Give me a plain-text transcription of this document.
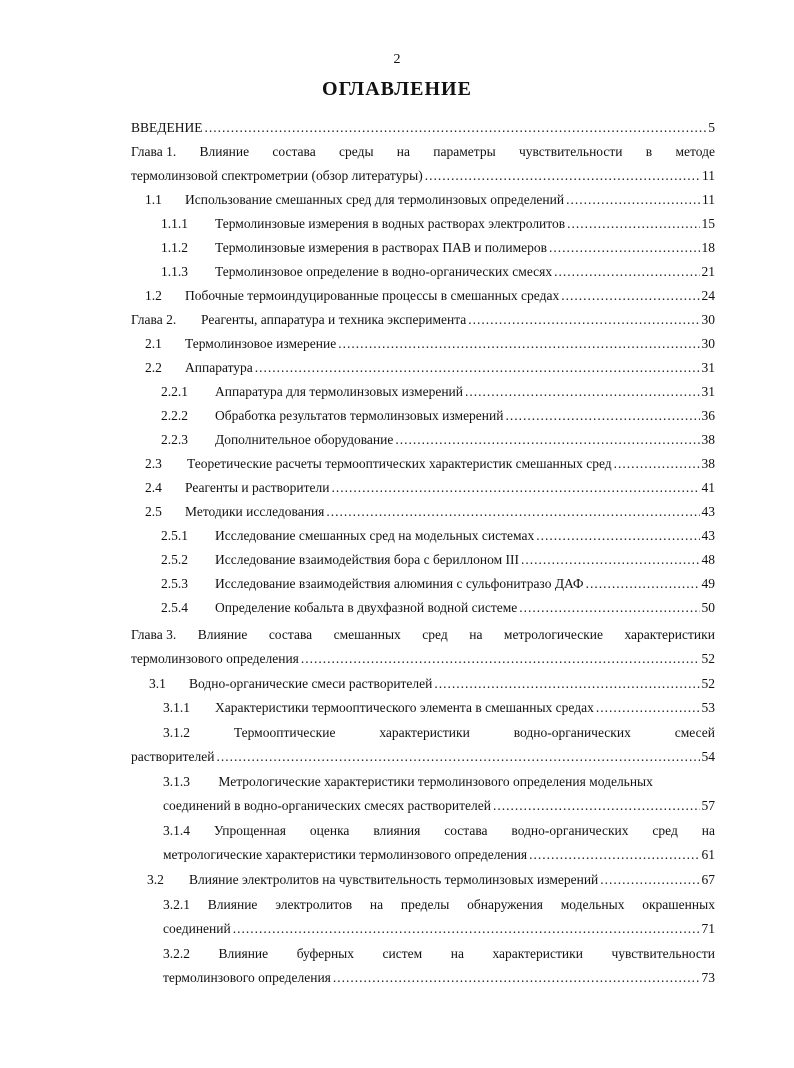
2
ОГЛАВЛЕНИЕ
ВВЕДЕНИЕ .....	5
Глава 1. Влияние состава среды на параметры чувствительности в методе
термолинзовой спектрометрии (обзор литературы) .....	11
1.1	Использование смешанных сред для термолинзовых определений .....	11
1.1.1	Термолинзовые измерения в водных растворах электролитов .....	15
1.1.2	Термолинзовые измерения в растворах ПАВ и полимеров .....	18
1.1.3	Термолинзовое определение в водно-органических смесях .....	21
1.2	Побочные термоиндуцированные процессы в смешанных средах .....	24
Глава 2.	Реагенты, аппаратура и техника эксперимента .....	30
2.1	Термолинзовое измерение .....	30
2.2	Аппаратура .....	31
2.2.1	Аппаратура для термолинзовых измерений .....	31
2.2.2	Обработка результатов термолинзовых измерений .....	36
2.2.3	Дополнительное оборудование .....	38
2.3	Теоретические расчеты термооптических характеристик смешанных сред .....	38
2.4	Реагенты и растворители .....	41
2.5	Методики исследования .....	43
2.5.1	Исследование смешанных сред на модельных системах .....	43
2.5.2	Исследование взаимодействия бора с бериллоном III .....	48
2.5.3	Исследование взаимодействия алюминия с сульфонитразо ДАФ .....	49
2.5.4	Определение кобальта в двухфазной водной системе .....	50
Глава 3. Влияние состава смешанных сред на метрологические характеристики
термолинзового определения .....	52
3.1	Водно-органические смеси растворителей .....	52
3.1.1	Характеристики термооптического элемента в смешанных средах .....	53
3.1.2	Термооптические	характеристики	водно-органических	смесей
растворителей .....	54
3.1.3 Метрологические характеристики термолинзового определения модельных
соединений в водно-органических смесях растворителей .....	57
3.1.4 Упрощенная оценка влияния состава водно-органических сред на
метрологические характеристики термолинзового определения .....	61
3.2	Влияние электролитов на чувствительность термолинзовых измерений .....	67
3.2.1 Влияние электролитов на пределы обнаружения модельных окрашенных
соединений .....	71
3.2.2 Влияние буферных систем на характеристики чувствительности
термолинзового определения .....	73
